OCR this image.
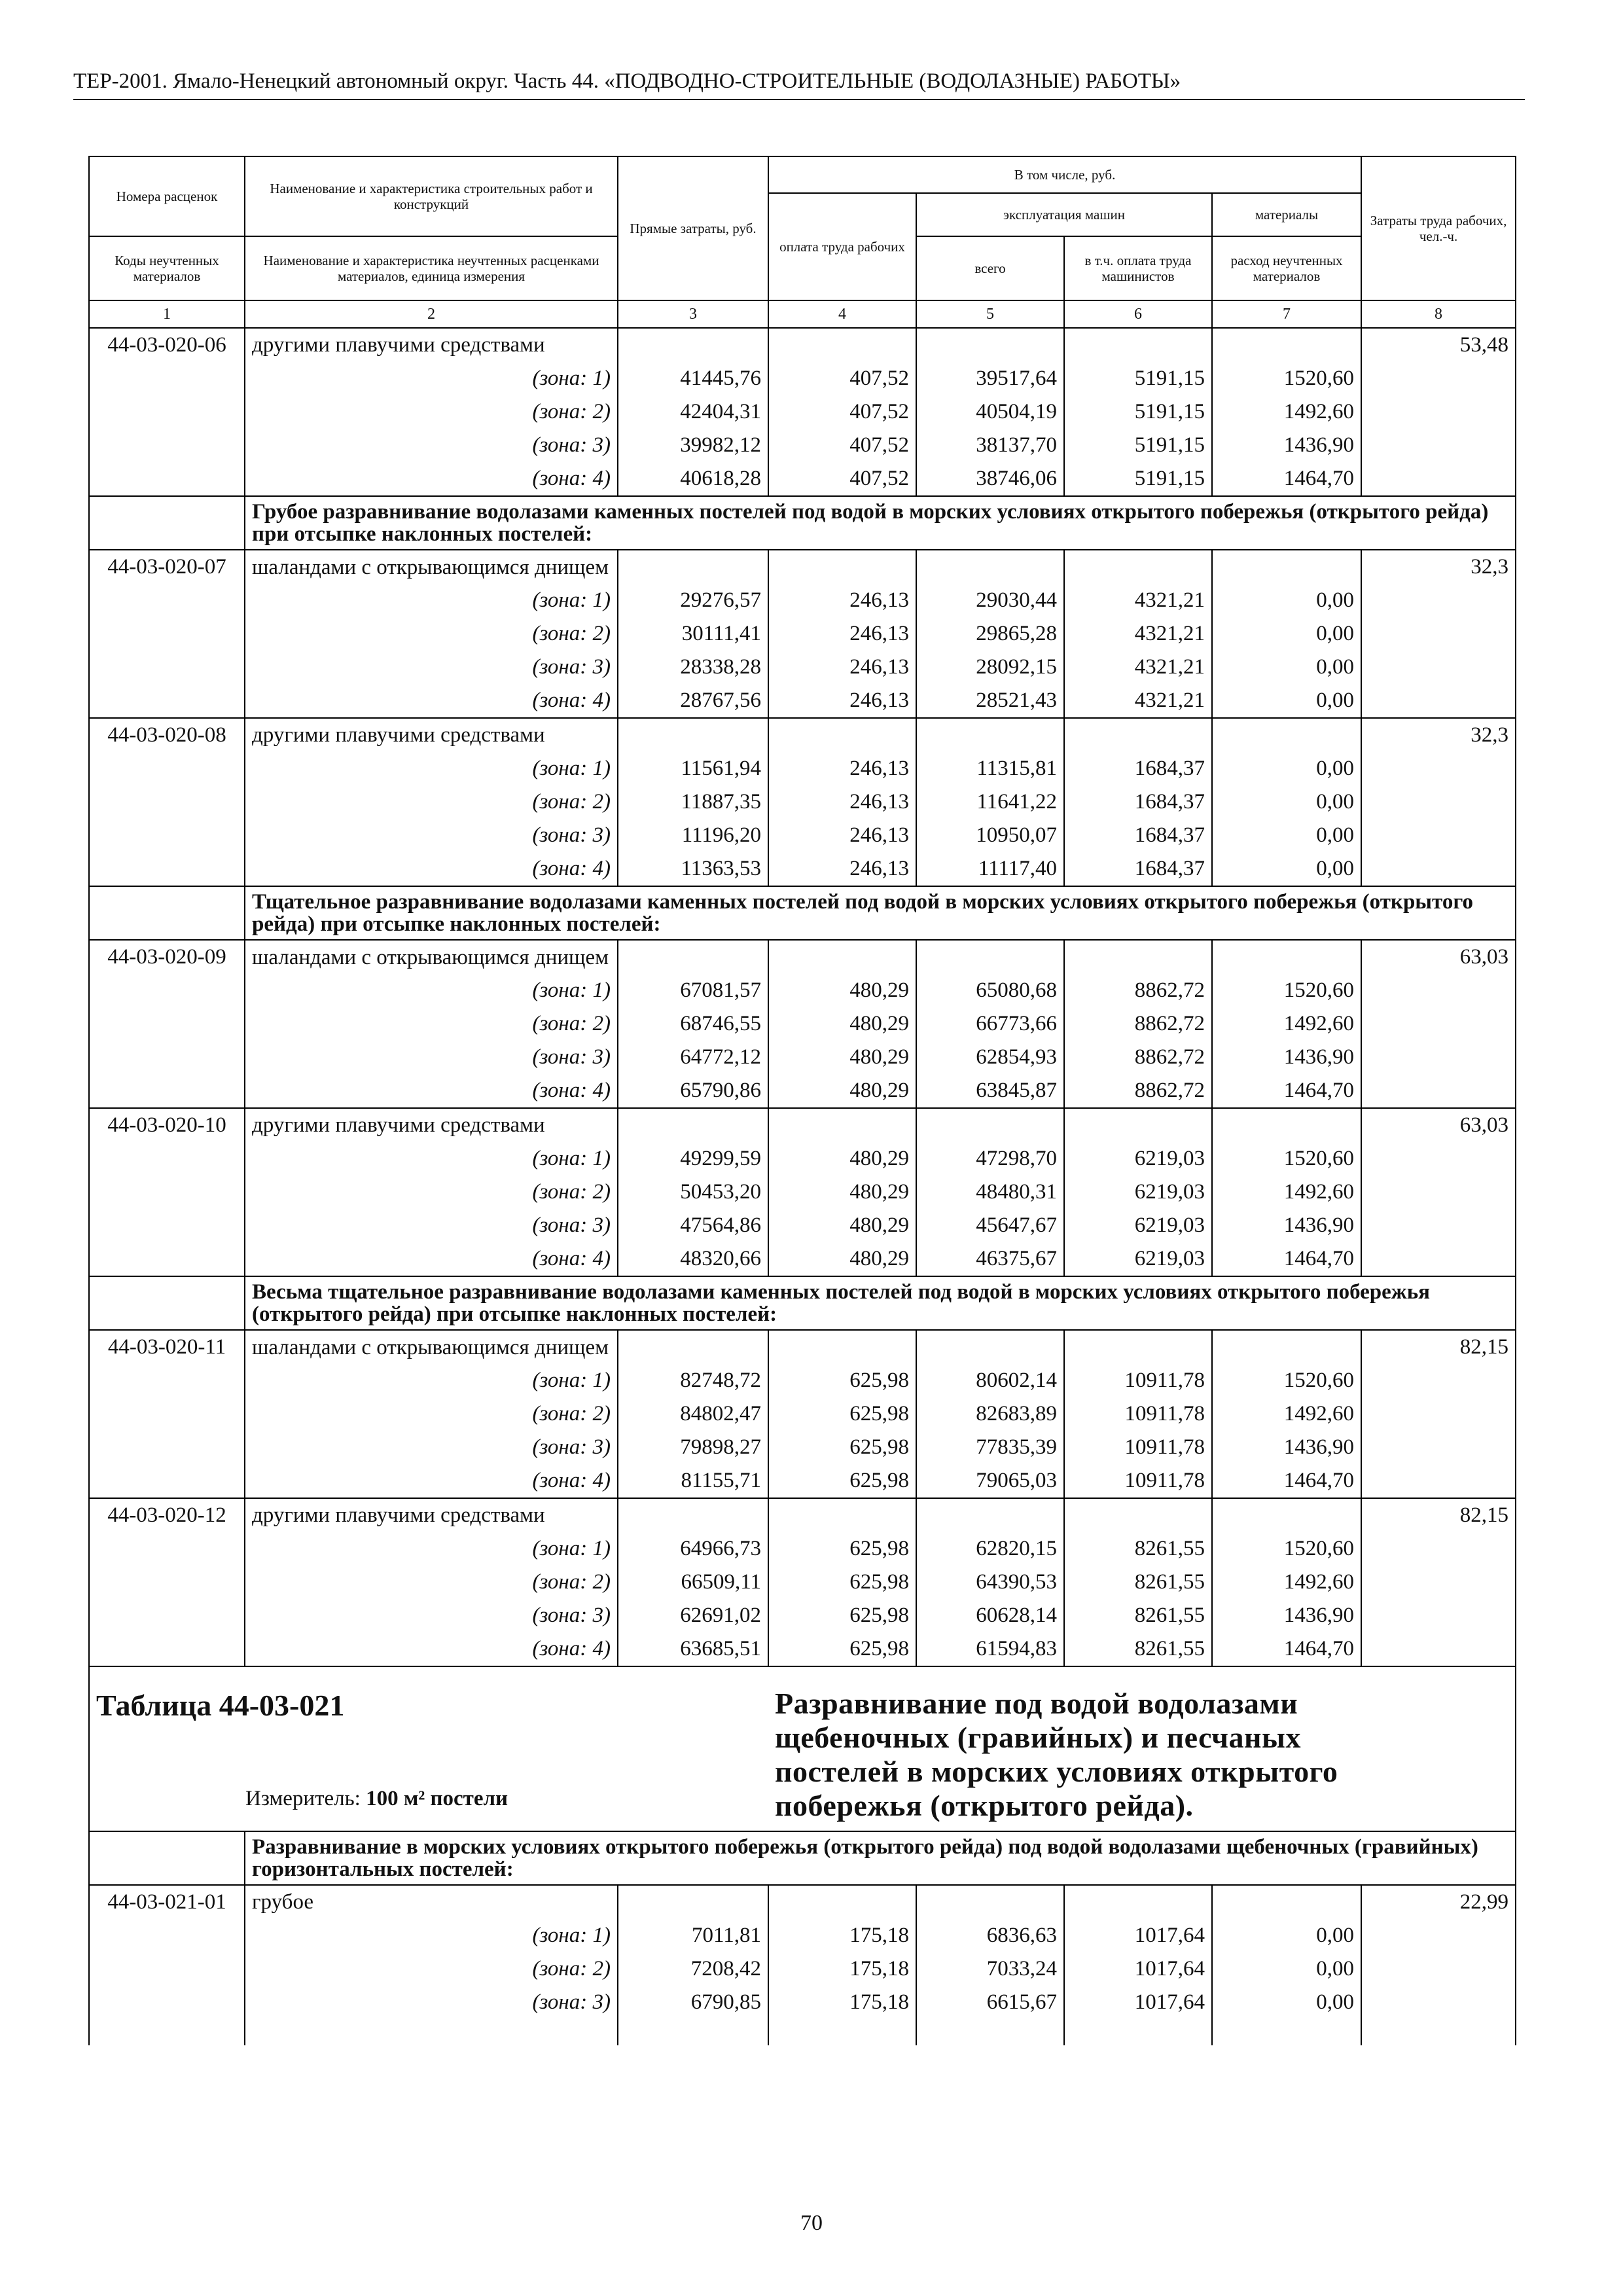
ТЕР-2001. Ямало-Ненецкий автономный округ. Часть 44. «ПОДВОДНО-СТРОИТЕЛЬНЫЕ (ВОДОЛАЗНЫЕ) РАБОТЫ»
Номера расценок	Наименование и характеристика строительных работ и конструкций	Прямые затраты, руб.	В том числе, руб.				Затраты труда рабочих, чел.-ч.
			оплата труда рабочих	эксплуатация машин		материалы	
Коды неучтенных материалов	Наименование и характеристика неучтенных расценками материалов, единица измерения			всего	в т.ч. оплата труда машинистов	расход неучтенных материалов	
1	2	3	4	5	6	7	8
44-03-020-06	другими плавучими средствами						53,48
	(зона: 1)	41445,76	407,52	39517,64	5191,15	1520,60	
	(зона: 2)	42404,31	407,52	40504,19	5191,15	1492,60	
	(зона: 3)	39982,12	407,52	38137,70	5191,15	1436,90	
	(зона: 4)	40618,28	407,52	38746,06	5191,15	1464,70	
	Грубое разравнивание водолазами каменных постелей под водой в морских условиях открытого побережья (открытого рейда) при отсыпке наклонных постелей:						
44-03-020-07	шаландами с открывающимся днищем						32,3
	(зона: 1)	29276,57	246,13	29030,44	4321,21	0,00	
	(зона: 2)	30111,41	246,13	29865,28	4321,21	0,00	
	(зона: 3)	28338,28	246,13	28092,15	4321,21	0,00	
	(зона: 4)	28767,56	246,13	28521,43	4321,21	0,00	
44-03-020-08	другими плавучими средствами						32,3
	(зона: 1)	11561,94	246,13	11315,81	1684,37	0,00	
	(зона: 2)	11887,35	246,13	11641,22	1684,37	0,00	
	(зона: 3)	11196,20	246,13	10950,07	1684,37	0,00	
	(зона: 4)	11363,53	246,13	11117,40	1684,37	0,00	
	Тщательное разравнивание водолазами каменных постелей под водой в морских условиях открытого побережья (открытого рейда) при отсыпке наклонных постелей:						
44-03-020-09	шаландами с открывающимся днищем						63,03
	(зона: 1)	67081,57	480,29	65080,68	8862,72	1520,60	
	(зона: 2)	68746,55	480,29	66773,66	8862,72	1492,60	
	(зона: 3)	64772,12	480,29	62854,93	8862,72	1436,90	
	(зона: 4)	65790,86	480,29	63845,87	8862,72	1464,70	
44-03-020-10	другими плавучими средствами						63,03
	(зона: 1)	49299,59	480,29	47298,70	6219,03	1520,60	
	(зона: 2)	50453,20	480,29	48480,31	6219,03	1492,60	
	(зона: 3)	47564,86	480,29	45647,67	6219,03	1436,90	
	(зона: 4)	48320,66	480,29	46375,67	6219,03	1464,70	
	Весьма тщательное разравнивание водолазами каменных постелей под водой в морских условиях открытого побережья (открытого рейда) при отсыпке наклонных постелей:						
44-03-020-11	шаландами с открывающимся днищем						82,15
	(зона: 1)	82748,72	625,98	80602,14	10911,78	1520,60	
	(зона: 2)	84802,47	625,98	82683,89	10911,78	1492,60	
	(зона: 3)	79898,27	625,98	77835,39	10911,78	1436,90	
	(зона: 4)	81155,71	625,98	79065,03	10911,78	1464,70	
44-03-020-12	другими плавучими средствами						82,15
	(зона: 1)	64966,73	625,98	62820,15	8261,55	1520,60	
	(зона: 2)	66509,11	625,98	64390,53	8261,55	1492,60	
	(зона: 3)	62691,02	625,98	60628,14	8261,55	1436,90	
	(зона: 4)	63685,51	625,98	61594,83	8261,55	1464,70	

Таблица 44-03-021
Измеритель: 100 м² постели			Разравнивание под водой водолазами щебеночных (гравийных) и песчаных постелей в морских условиях открытого побережья (открытого рейда).				
	Разравнивание в морских условиях открытого побережья (открытого рейда) под водой водолазами щебеночных (гравийных) горизонтальных постелей:						
44-03-021-01	грубое						22,99
	(зона: 1)	7011,81	175,18	6836,63	1017,64	0,00	
	(зона: 2)	7208,42	175,18	7033,24	1017,64	0,00	
	(зона: 3)	6790,85	175,18	6615,67	1017,64	0,00	

70
